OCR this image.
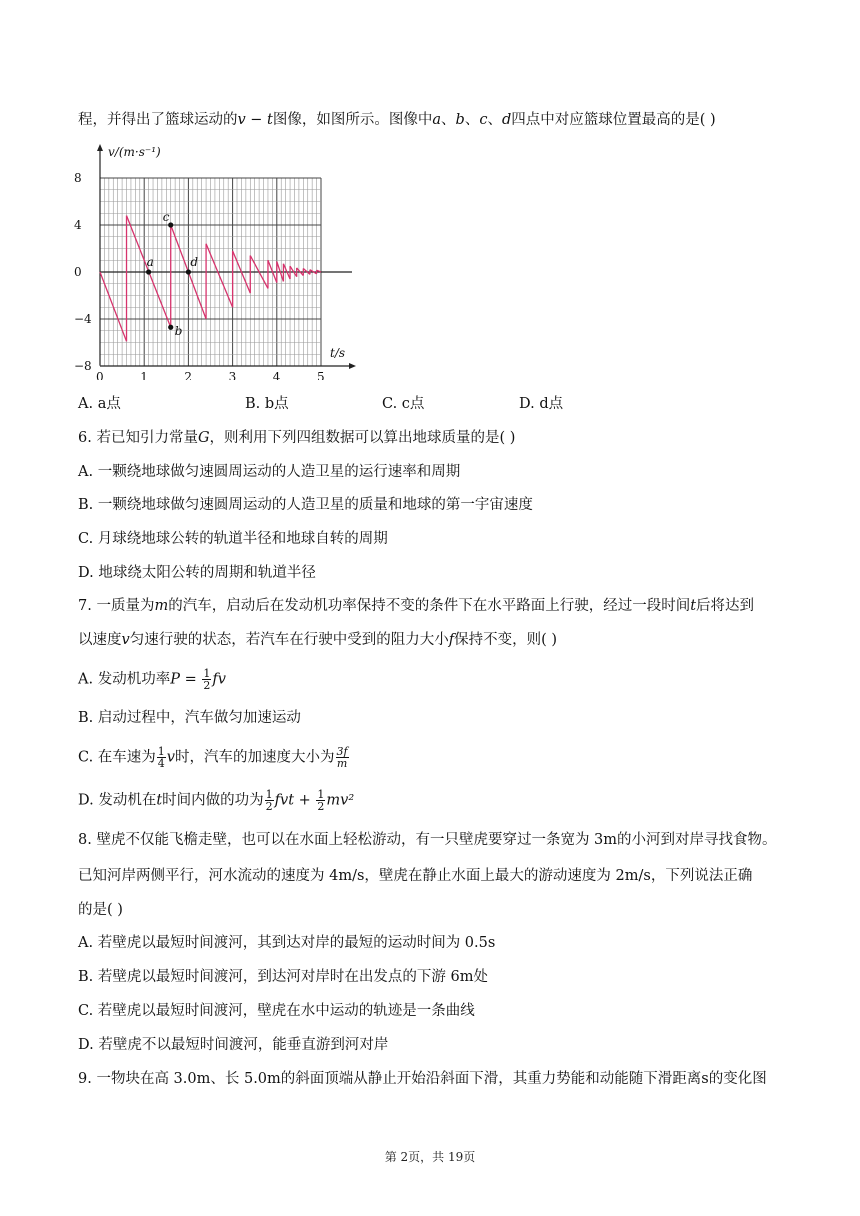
程，并得出了篮球运动的v − t图像，如图所示。图像中a、b、c、d四点中对应篮球位置最高的是( )
0	1	2	3	4	5
8
4
0
−4
−8
a
b
c
d
v/(m·s⁻¹)
t/s
A. a点	B. b点	C. c点	D. d点
6. 若已知引力常量G，则利用下列四组数据可以算出地球质量的是( )
A. 一颗绕地球做匀速圆周运动的人造卫星的运行速率和周期
B. 一颗绕地球做匀速圆周运动的人造卫星的质量和地球的第一宇宙速度
C. 月球绕地球公转的轨道半径和地球自转的周期
D. 地球绕太阳公转的周期和轨道半径
7. 一质量为m的汽车，启动后在发动机功率保持不变的条件下在水平路面上行驶，经过一段时间t后将达到
以速度v匀速行驶的状态，若汽车在行驶中受到的阻力大小f保持不变，则( )
A. 发动机功率$P = \frac{1}{2}$ fv
B. 启动过程中，汽车做匀加速运动
C. 在车速为 $\frac{1}{4}$ v时，汽车的加速度大小为 $\frac{3f}{m}$
D. 发动机在t时间内做的功为 $\frac{1}{2}$ fvt + $\frac{1}{2} mv^2$
8. 壁虎不仅能飞檐走壁，也可以在水面上轻松游动，有一只壁虎要穿过一条宽为 3m的小河到对岸寻找食物。
已知河岸两侧平行，河水流动的速度为 4m/s，壁虎在静止水面上最大的游动速度为 2m/s，下列说法正确
的是( )
A. 若壁虎以最短时间渡河，其到达对岸的最短的运动时间为 0.5s
B. 若壁虎以最短时间渡河，到达河对岸时在出发点的下游 6m处
C. 若壁虎以最短时间渡河，壁虎在水中运动的轨迹是一条曲线
D. 若壁虎不以最短时间渡河，能垂直游到河对岸
9. 一物块在高 3.0m、长 5.0m的斜面顶端从静止开始沿斜面下滑，其重力势能和动能随下滑距离s的变化图
第 2页，共 19页
